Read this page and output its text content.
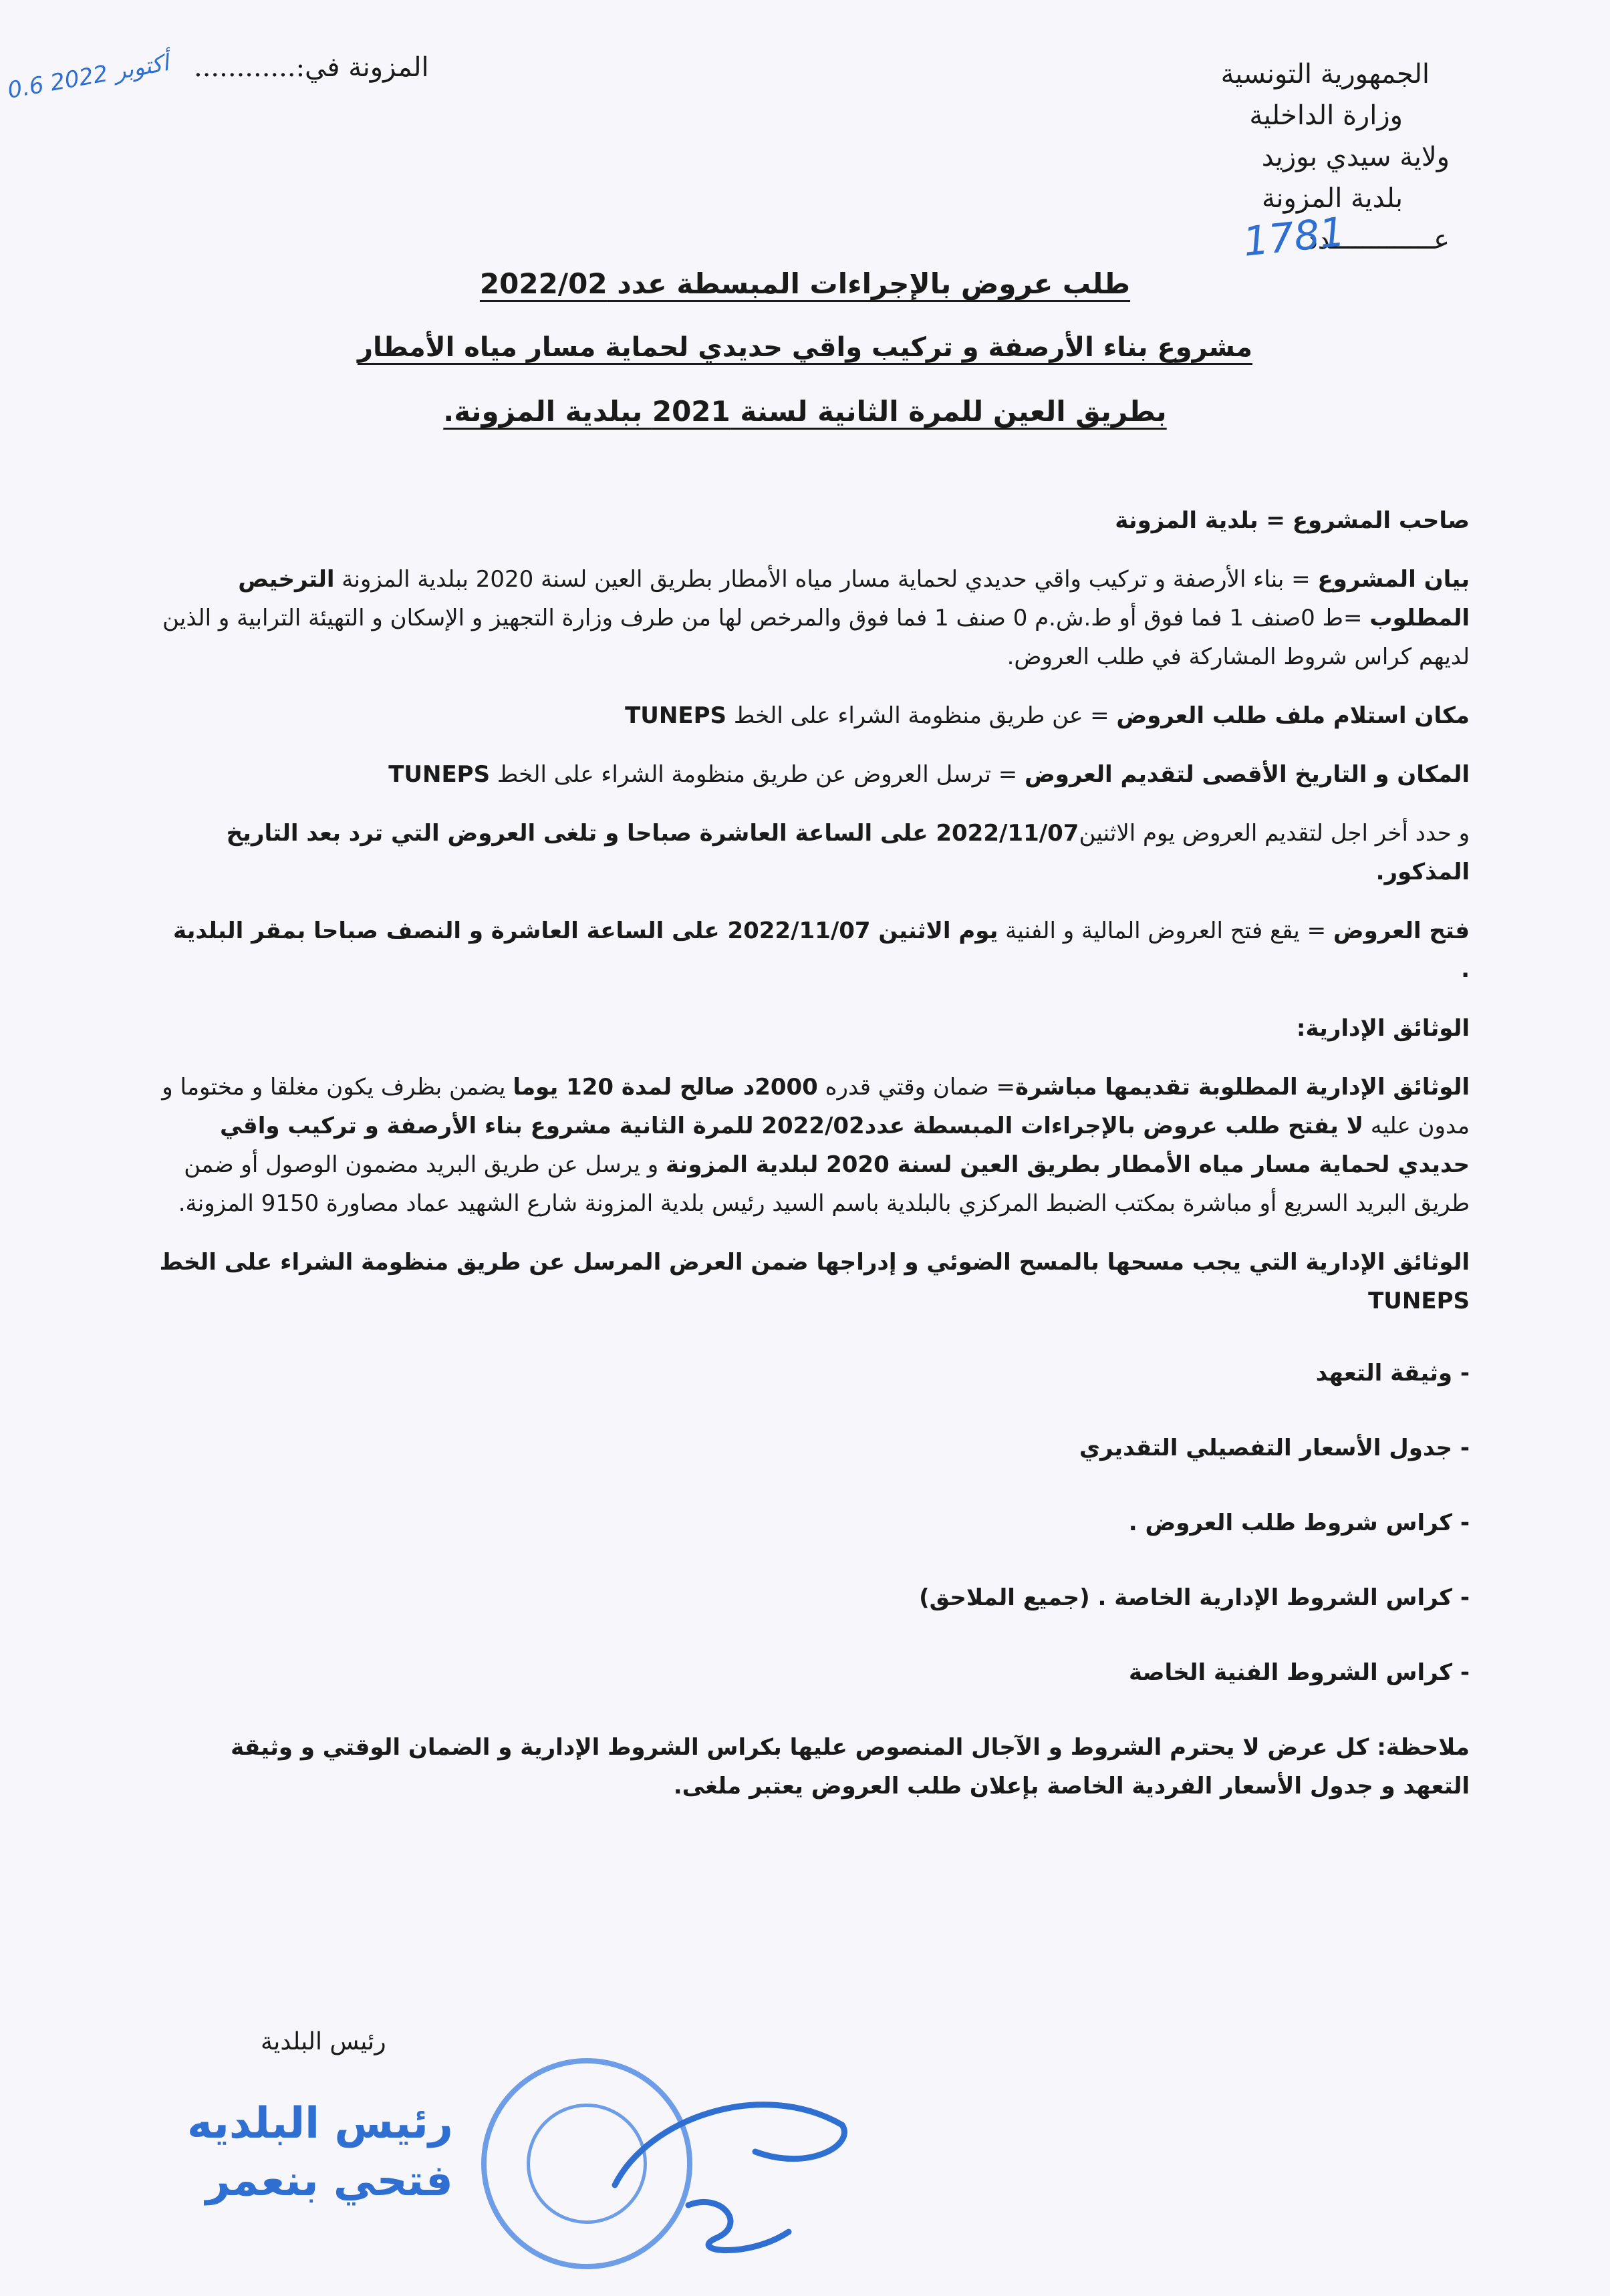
الجمهورية التونسية
وزارة الداخلية
ولاية سيدي بوزيد
بلدية المزونة
عـــــــــــــدد
المزونة في:............
0.6 أكتوبر 2022
1781
طلب عروض بالإجراءات المبسطة عدد 2022/02
مشروع بناء الأرصفة و تركيب واقي حديدي لحماية مسار مياه الأمطار
بطريق العين للمرة الثانية لسنة 2021 ببلدية المزونة.

صاحب المشروع = بلدية المزونة

بيان المشروع = بناء الأرصفة و تركيب واقي حديدي لحماية مسار مياه الأمطار بطريق العين لسنة 2020 ببلدية المزونة الترخيص المطلوب =ط 0صنف 1 فما فوق أو ط.ش.م 0 صنف 1 فما فوق والمرخص لها من طرف وزارة التجهيز و الإسكان و التهيئة الترابية و الذين لديهم كراس شروط المشاركة في طلب العروض.

مكان استلام ملف طلب العروض = عن طريق منظومة الشراء على الخط TUNEPS

المكان و التاريخ الأقصى لتقديم العروض = ترسل العروض عن طريق منظومة الشراء على الخط TUNEPS

و حدد أخر اجل لتقديم العروض يوم الاثنين2022/11/07 على الساعة العاشرة صباحا و تلغى العروض التي ترد بعد التاريخ المذكور.

فتح العروض = يقع فتح العروض المالية و الفنية يوم الاثنين 2022/11/07 على الساعة العاشرة و النصف صباحا بمقر البلدية .

الوثائق الإدارية:

الوثائق الإدارية المطلوبة تقديمها مباشرة= ضمان وقتي قدره 2000د صالح لمدة 120 يوما يضمن بظرف يكون مغلقا و مختوما و مدون عليه لا يفتح طلب عروض بالإجراءات المبسطة عدد2022/02 للمرة الثانية مشروع بناء الأرصفة و تركيب واقي حديدي لحماية مسار مياه الأمطار بطريق العين لسنة 2020 لبلدية المزونة و يرسل عن طريق البريد مضمون الوصول أو ضمن طريق البريد السريع أو مباشرة بمكتب الضبط المركزي بالبلدية باسم السيد رئيس بلدية المزونة شارع الشهيد عماد مصاورة 9150 المزونة.

الوثائق الإدارية التي يجب مسحها بالمسح الضوئي و إدراجها ضمن العرض المرسل عن طريق منظومة الشراء على الخط TUNEPS

- وثيقة التعهد
- جدول الأسعار التفصيلي التقديري
- كراس شروط طلب العروض .
- كراس الشروط الإدارية الخاصة . (جميع الملاحق)
- كراس الشروط الفنية الخاصة

ملاحظة: كل عرض لا يحترم الشروط و الآجال المنصوص عليها بكراس الشروط الإدارية و الضمان الوقتي و وثيقة التعهد و جدول الأسعار الفردية الخاصة بإعلان طلب العروض يعتبر ملغى.

رئيس البلدية
رئيس البلديه
فتحي بنعمر
